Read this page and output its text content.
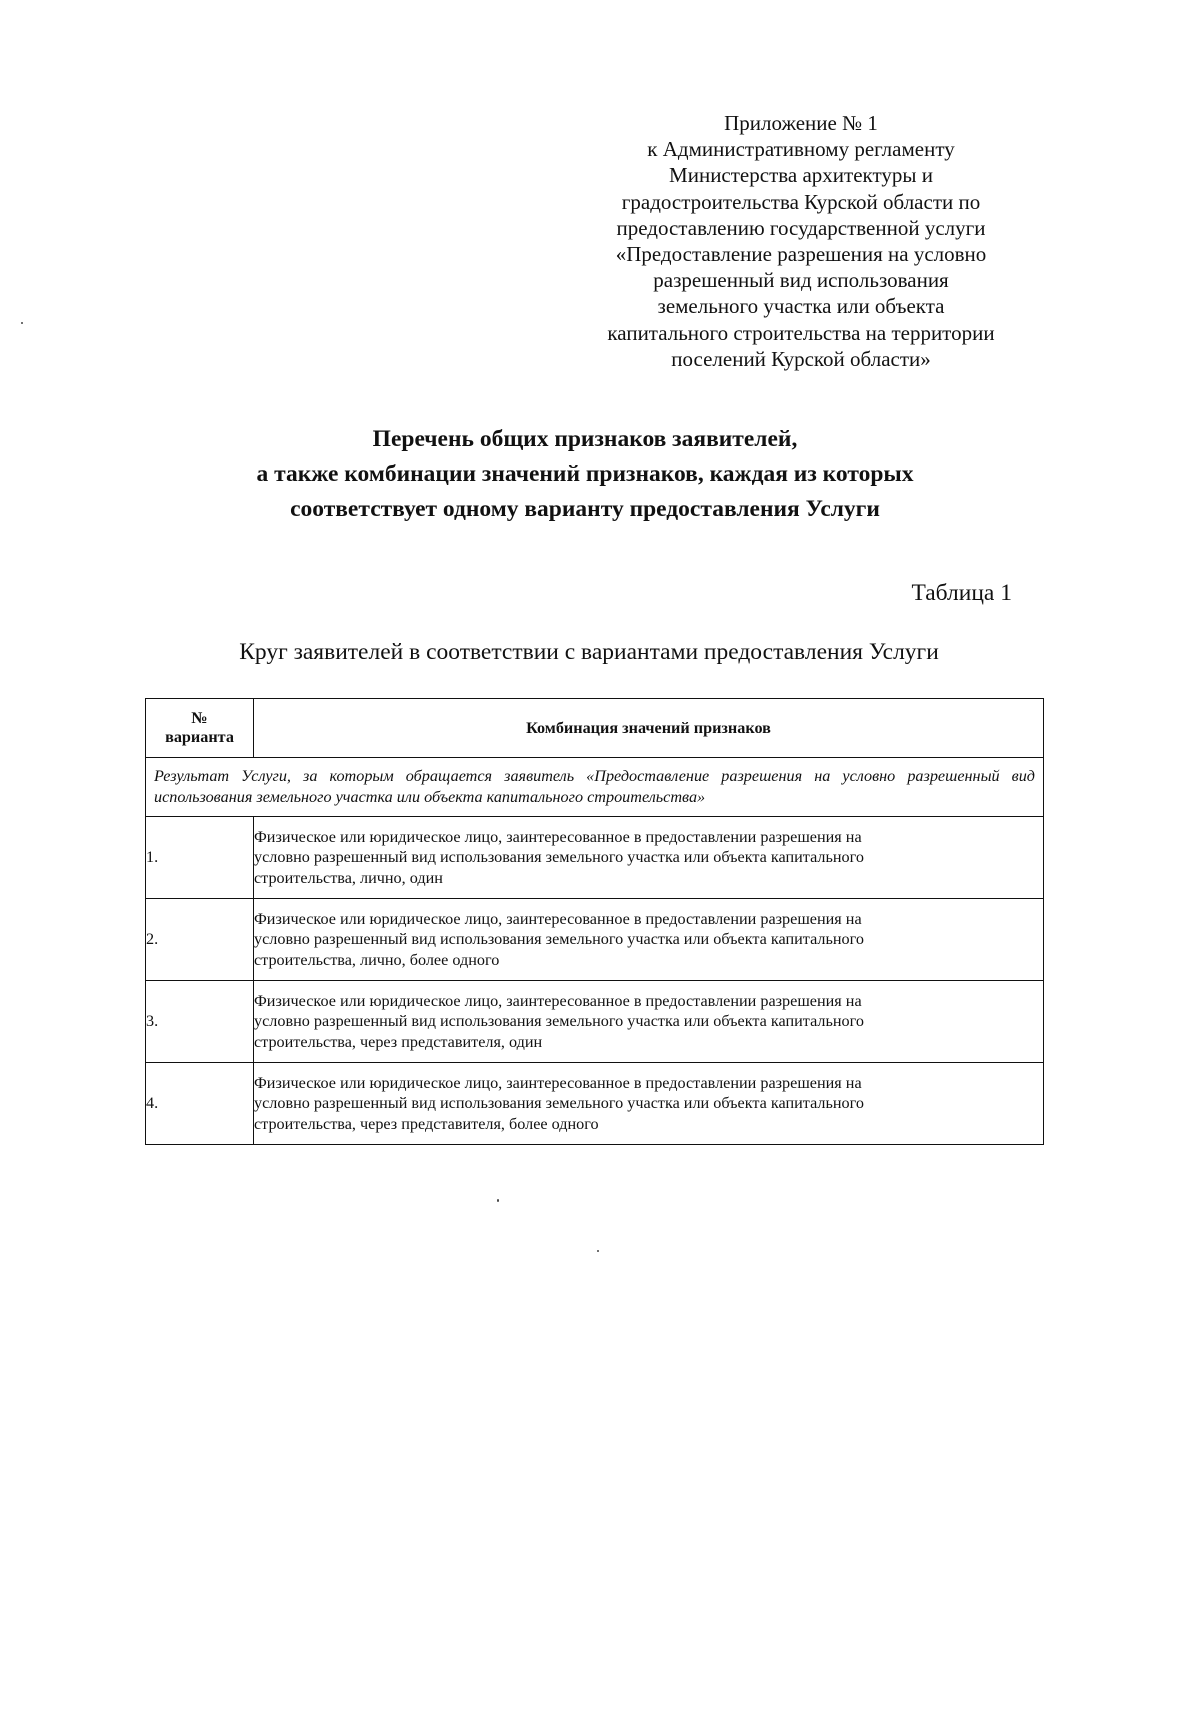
Приложение № 1
к Административному регламенту
Министерства архитектуры и
градостроительства Курской области по
предоставлению государственной услуги
«Предоставление разрешения на условно
разрешенный вид использования
земельного участка или объекта
капитального строительства на территории
поселений Курской области»
Перечень общих признаков заявителей,
а также комбинации значений признаков, каждая из которых
соответствует одному варианту предоставления Услуги
Таблица 1
Круг заявителей в соответствии с вариантами предоставления Услуги
№
варианта	Комбинация значений признаков
Результат Услуги, за которым обращается заявитель «Предоставление разрешения на условно разрешенный вид использования земельного участка или объекта капитального строительства»	
1.	Физическое или юридическое лицо, заинтересованное в предоставлении разрешения на
условно разрешенный вид использования земельного участка или объекта капитального
строительства, лично, один

2.	Физическое или юридическое лицо, заинтересованное в предоставлении разрешения на
условно разрешенный вид использования земельного участка или объекта капитального
строительства, лично, более одного

3.	Физическое или юридическое лицо, заинтересованное в предоставлении разрешения на
условно разрешенный вид использования земельного участка или объекта капитального
строительства, через представителя, один

4.	Физическое или юридическое лицо, заинтересованное в предоставлении разрешения на
условно разрешенный вид использования земельного участка или объекта капитального
строительства, через представителя, более одного
